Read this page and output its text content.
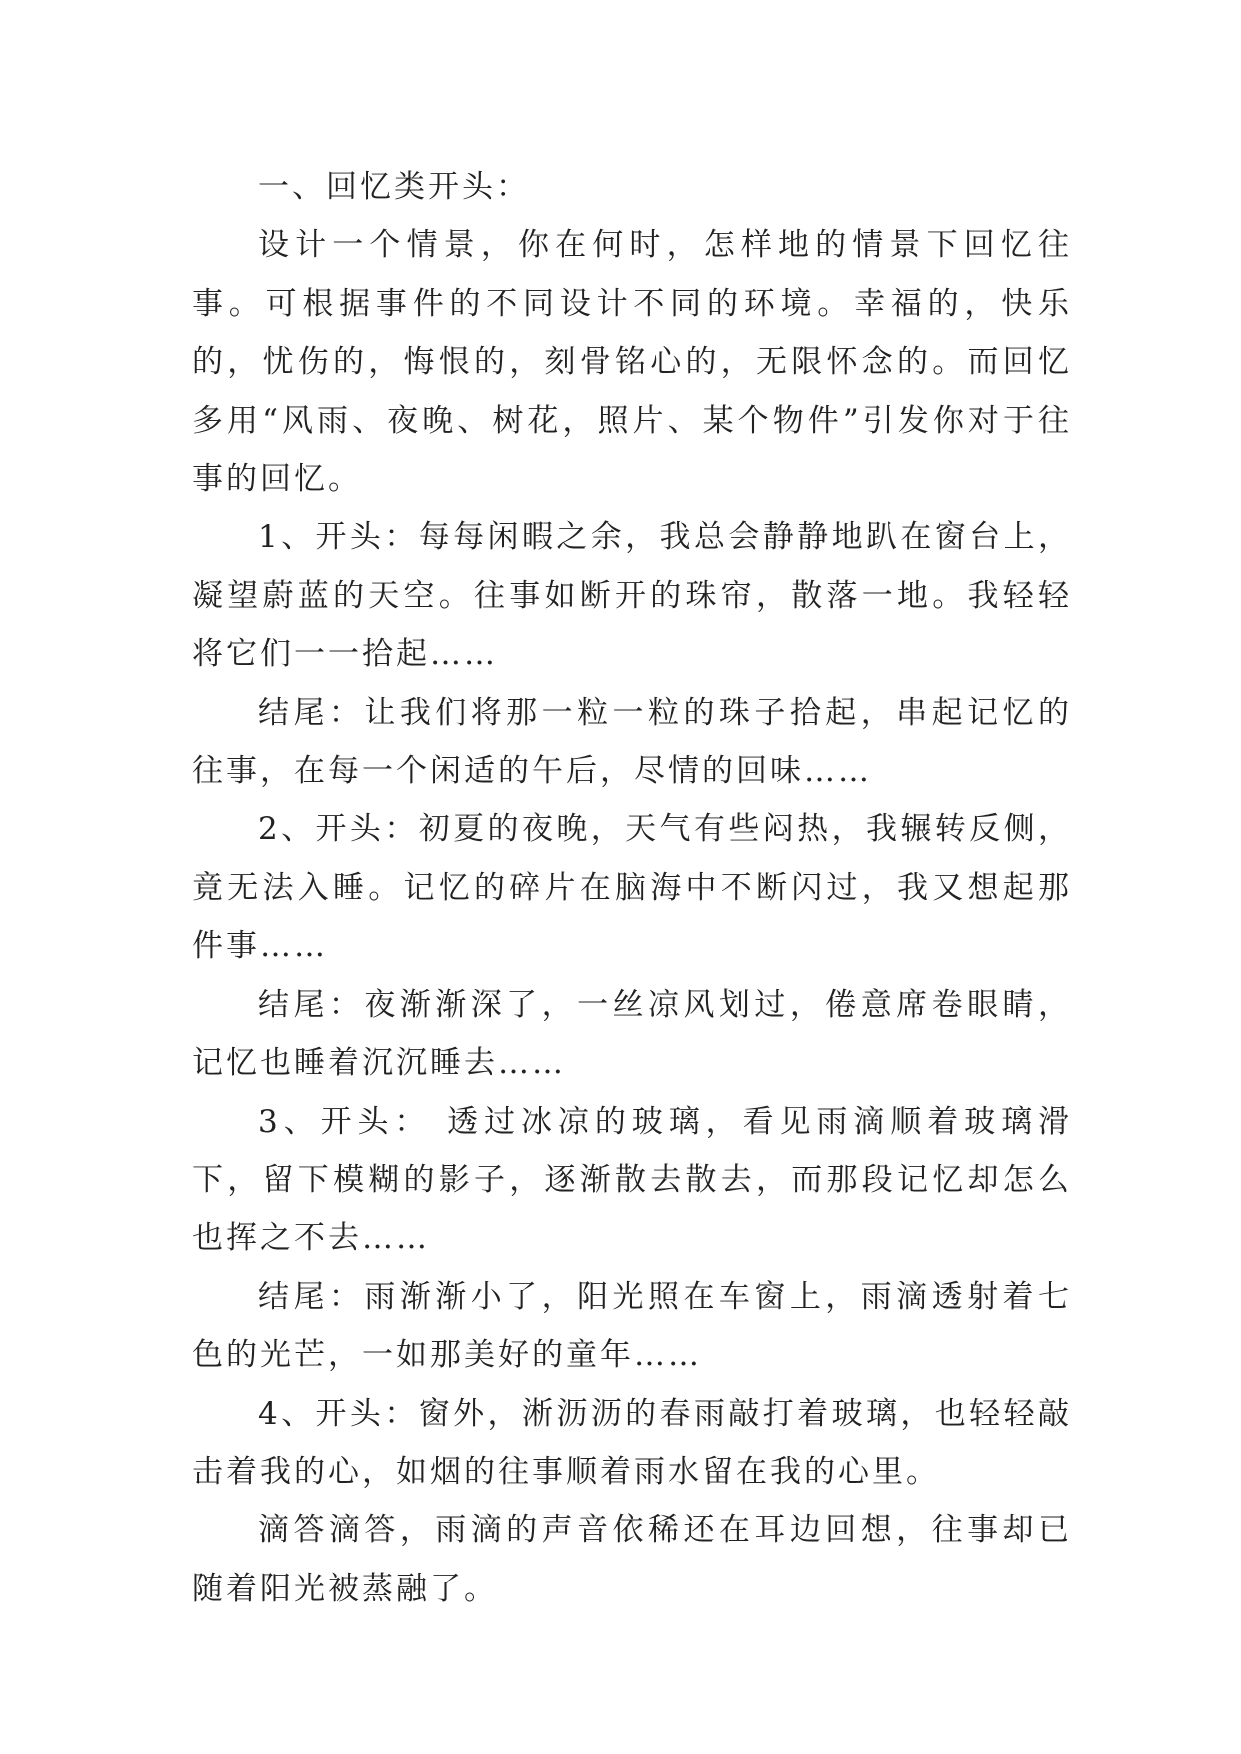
一、回忆类开头：

设计一个情景，你在何时，怎样地的情景下回忆往事。可根据事件的不同设计不同的环境。幸福的，快乐的，忧伤的，悔恨的，刻骨铭心的，无限怀念的。而回忆多用“风雨、夜晚、树花，照片、某个物件”引发你对于往事的回忆。

1、开头：每每闲暇之余，我总会静静地趴在窗台上，凝望蔚蓝的天空。往事如断开的珠帘，散落一地。我轻轻将它们一一拾起……

结尾：让我们将那一粒一粒的珠子拾起，串起记忆的往事，在每一个闲适的午后，尽情的回味……

2、开头：初夏的夜晚，天气有些闷热，我辗转反侧，竟无法入睡。记忆的碎片在脑海中不断闪过，我又想起那件事……

结尾：夜渐渐深了，一丝凉风划过，倦意席卷眼睛，记忆也睡着沉沉睡去……

3、开头： 透过冰凉的玻璃，看见雨滴顺着玻璃滑下，留下模糊的影子，逐渐散去散去，而那段记忆却怎么也挥之不去……

结尾：雨渐渐小了，阳光照在车窗上，雨滴透射着七色的光芒，一如那美好的童年……

4、开头：窗外，淅沥沥的春雨敲打着玻璃，也轻轻敲击着我的心，如烟的往事顺着雨水留在我的心里。

滴答滴答，雨滴的声音依稀还在耳边回想，往事却已随着阳光被蒸融了。
